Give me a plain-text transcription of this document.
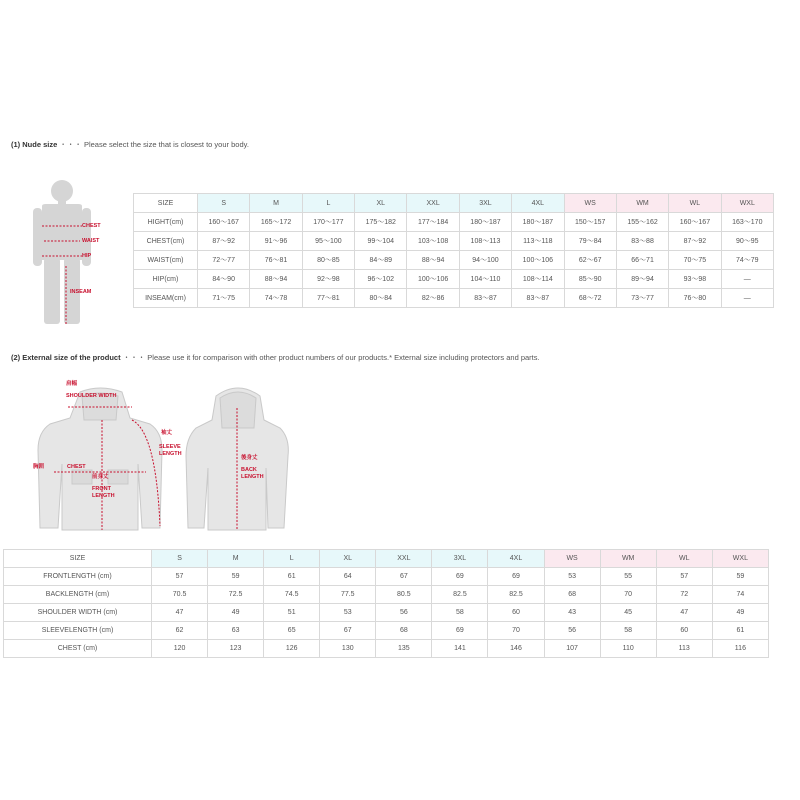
(1) Nude size ・・・ Please select the size that is closest to your body.
CHEST
WAIST
HIP
INSEAM
SIZE	S	M	L	XL	XXL	3XL	4XL	WS	WM	WL	WXL
HIGHT(cm)	160～167	165～172	170～177	175～182	177～184	180～187	180～187	150～157	155～162	160～167	163～170
CHEST(cm)	87～92	91～96	95～100	99～104	103～108	108～113	113～118	79～84	83～88	87～92	90～95
WAIST(cm)	72～77	76～81	80～85	84～89	88～94	94～100	100～106	62～67	66～71	70～75	74～79
HIP(cm)	84～90	88～94	92～98	96～102	100～106	104～110	108～114	85～90	89～94	93～98	—
INSEAM(cm)	71～75	74～78	77～81	80～84	82～86	83～87	83～87	68～72	73～77	76～80	—
(2) External size of the product ・・・ Please use it for comparison with other product numbers of our products.* External size including protectors and parts.
肩幅
SHOULDER WIDTH
胸囲	CHEST
前身丈
FRONT
LENGTH
袖丈
SLEEVE
LENGTH
後身丈
BACK
LENGTH
SIZE	S	M	L	XL	XXL	3XL	4XL	WS	WM	WL	WXL
FRONTLENGTH (cm)	57	59	61	64	67	69	69	53	55	57	59
BACKLENGTH (cm)	70.5	72.5	74.5	77.5	80.5	82.5	82.5	68	70	72	74
SHOULDER WIDTH (cm)	47	49	51	53	56	58	60	43	45	47	49
SLEEVELENGTH (cm)	62	63	65	67	68	69	70	56	58	60	61
CHEST (cm)	120	123	126	130	135	141	146	107	110	113	116
